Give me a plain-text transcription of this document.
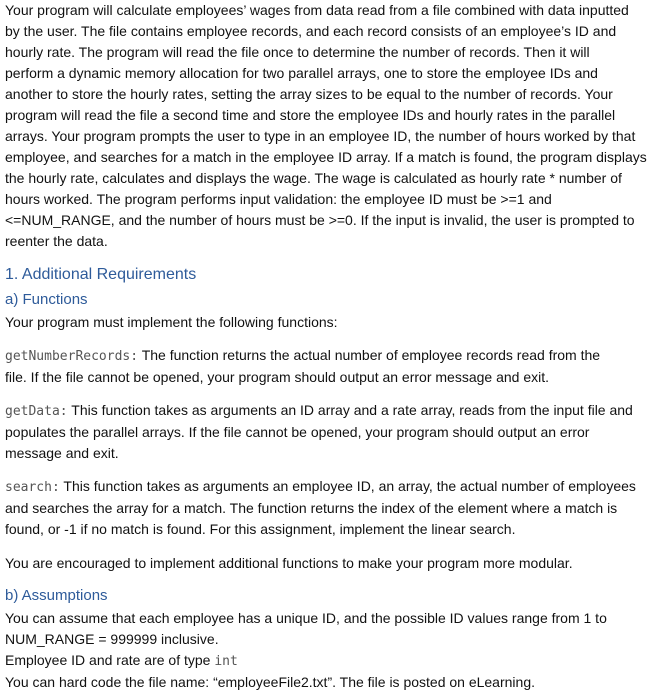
Your program will calculate employees’ wages from data read from a file combined with data inputted
by the user. The file contains employee records, and each record consists of an employee’s ID and
hourly rate. The program will read the file once to determine the number of records. Then it will
perform a dynamic memory allocation for two parallel arrays, one to store the employee IDs and
another to store the hourly rates, setting the array sizes to be equal to the number of records. Your
program will read the file a second time and store the employee IDs and hourly rates in the parallel
arrays. Your program prompts the user to type in an employee ID, the number of hours worked by that
employee, and searches for a match in the employee ID array. If a match is found, the program displays
the hourly rate, calculates and displays the wage. The wage is calculated as hourly rate * number of
hours worked. The program performs input validation: the employee ID must be >=1 and
<=NUM_RANGE, and the number of hours must be >=0. If the input is invalid, the user is prompted to
reenter the data.

1. Additional Requirements
a) Functions

Your program must implement the following functions:

getNumberRecords: The function returns the actual number of employee records read from the
file. If the file cannot be opened, your program should output an error message and exit.

getData: This function takes as arguments an ID array and a rate array, reads from the input file and
populates the parallel arrays. If the file cannot be opened, your program should output an error
message and exit.

search: This function takes as arguments an employee ID, an array, the actual number of employees
and searches the array for a match. The function returns the index of the element where a match is
found, or -1 if no match is found. For this assignment, implement the linear search.

You are encouraged to implement additional functions to make your program more modular.

b) Assumptions

You can assume that each employee has a unique ID, and the possible ID values range from 1 to
NUM_RANGE = 999999 inclusive.
Employee ID and rate are of type int
You can hard code the file name: “employeeFile2.txt”. The file is posted on eLearning.
